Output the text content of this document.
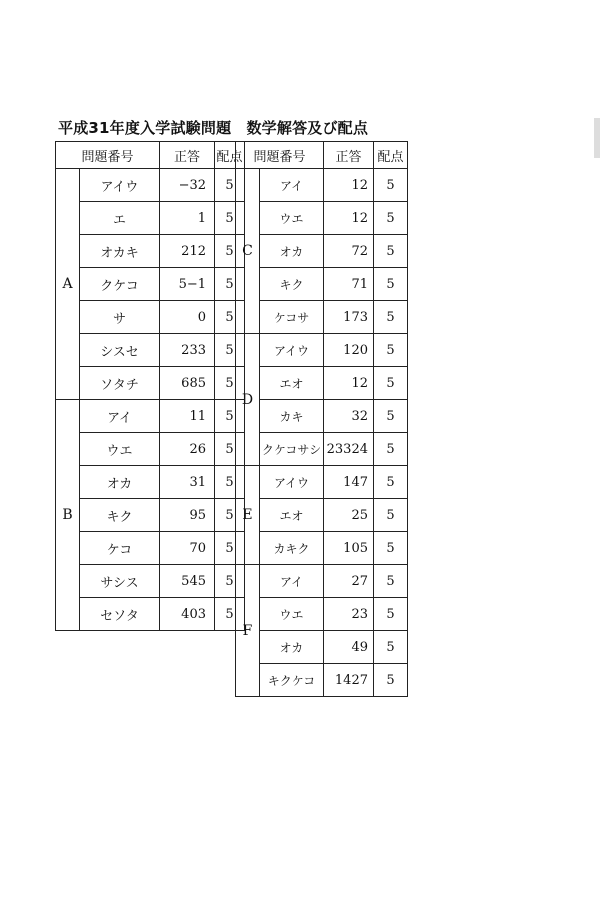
平成31年度入学試験問題　数学解答及び配点
問題番号		正答	配点
A	アイウ	−32	5
	エ	1	5
	オカキ	212	5
	クケコ	5−1	5
	サ	0	5
	シスセ	233	5
	ソタチ	685	5
B	アイ	11	5
	ウエ	26	5
	オカ	31	5
	キク	95	5
	ケコ	70	5
	サシス	545	5
	セソタ	403	5
問題番号		正答	配点
C	アイ	12	5
	ウエ	12	5
	オカ	72	5
	キク	71	5
	ケコサ	173	5
D	アイウ	120	5
	エオ	12	5
	カキ	32	5
	クケコサシ	23324	5
E	アイウ	147	5
	エオ	25	5
	カキク	105	5
F	アイ	27	5
	ウエ	23	5
	オカ	49	5
	キクケコ	1427	5
